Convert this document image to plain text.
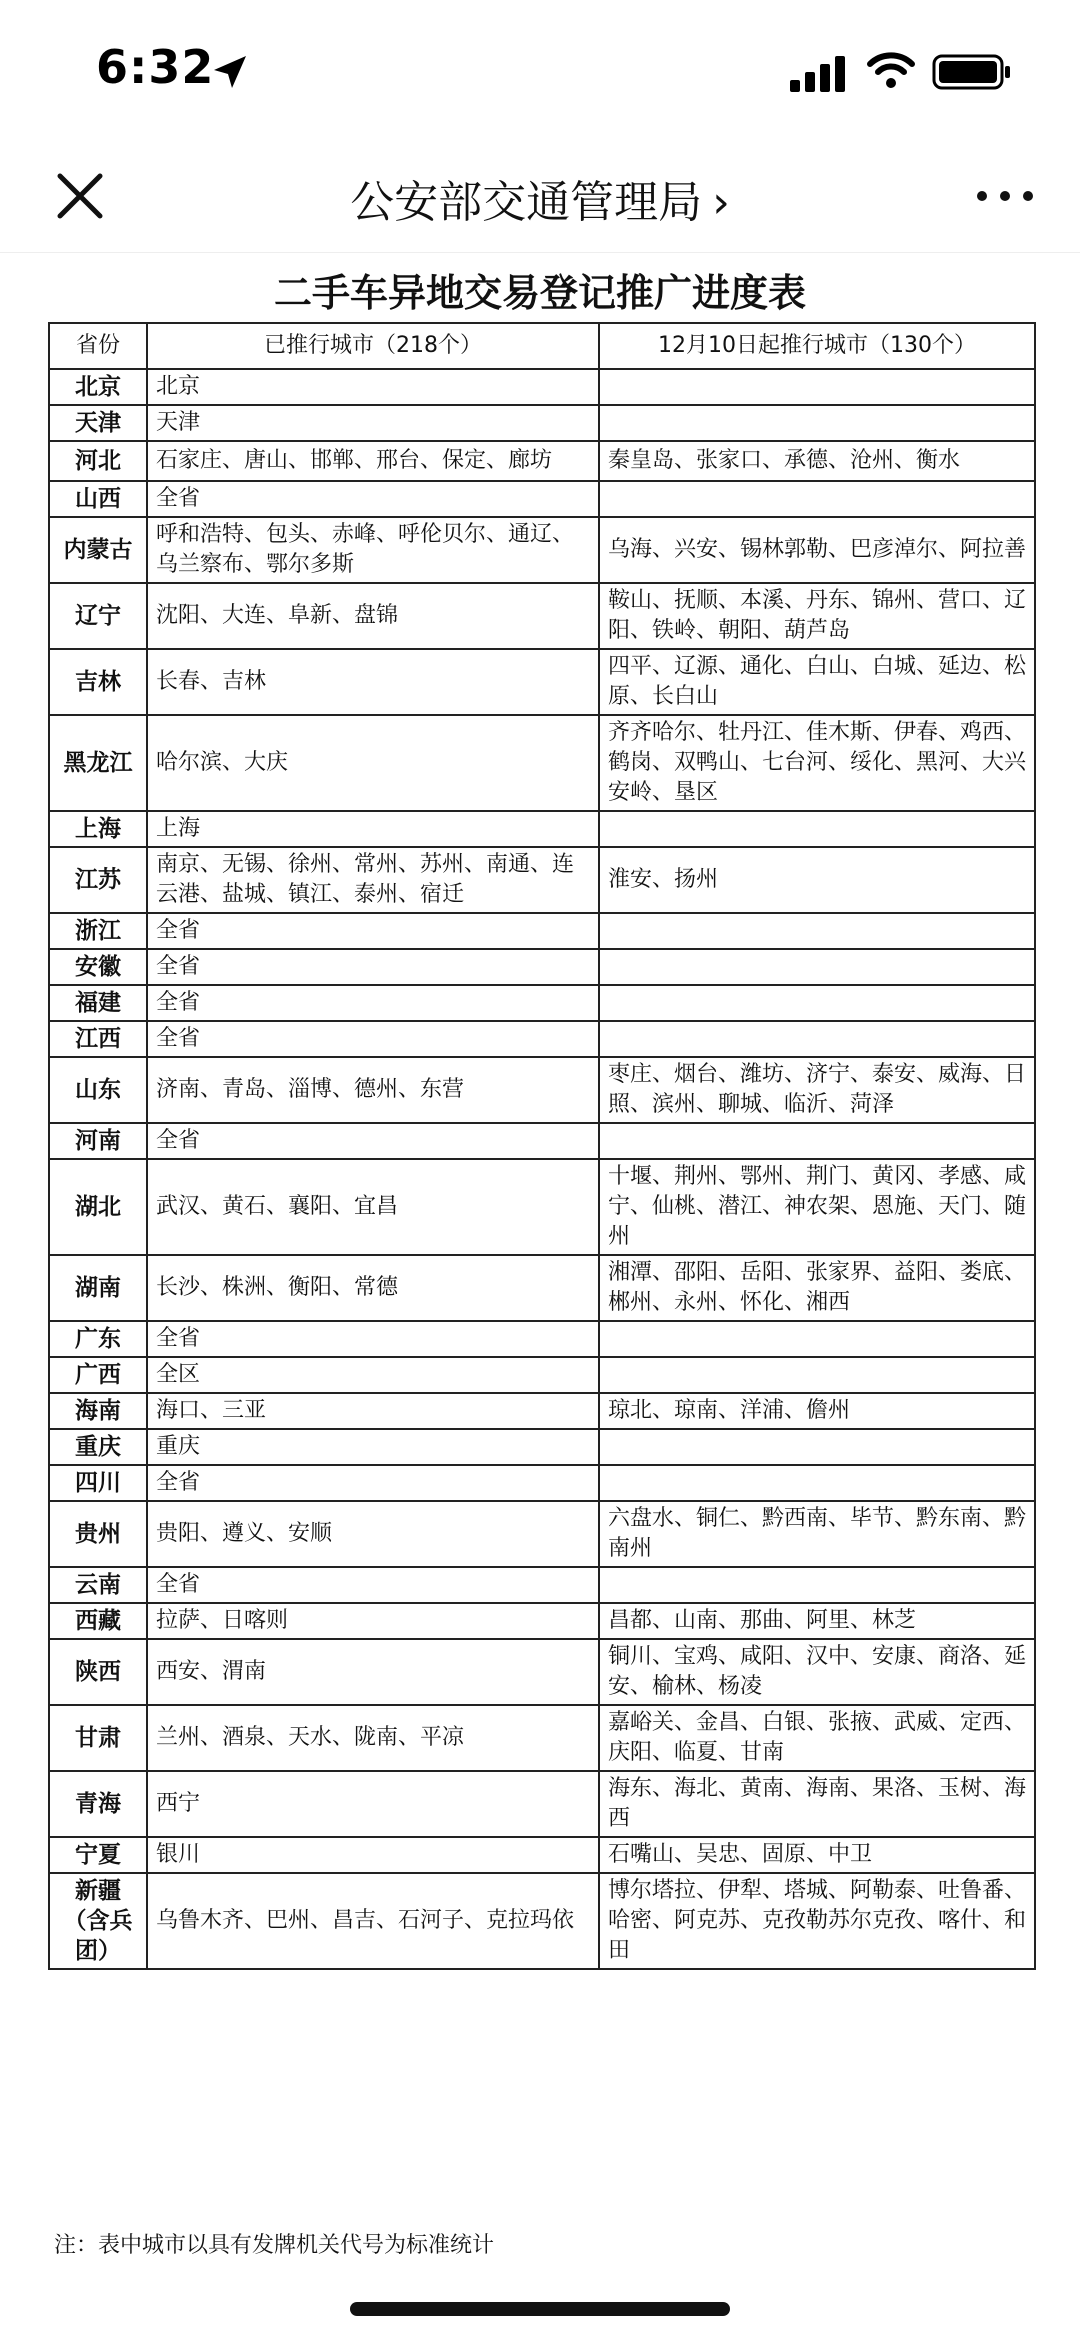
6:32
公安部交通管理局 ›
二手车异地交易登记推广进度表
省份	已推行城市（218个）	12月10日起推行城市（130个）
北京	北京	
天津	天津	
河北	石家庄、唐山、邯郸、邢台、保定、廊坊	秦皇岛、张家口、承德、沧州、衡水
山西	全省	
内蒙古	呼和浩特、包头、赤峰、呼伦贝尔、通辽、乌兰察布、鄂尔多斯	乌海、兴安、锡林郭勒、巴彦淖尔、阿拉善
辽宁	沈阳、大连、阜新、盘锦	鞍山、抚顺、本溪、丹东、锦州、营口、辽阳、铁岭、朝阳、葫芦岛
吉林	长春、吉林	四平、辽源、通化、白山、白城、延边、松原、长白山
黑龙江	哈尔滨、大庆	齐齐哈尔、牡丹江、佳木斯、伊春、鸡西、鹤岗、双鸭山、七台河、绥化、黑河、大兴安岭、垦区
上海	上海	
江苏	南京、无锡、徐州、常州、苏州、南通、连云港、盐城、镇江、泰州、宿迁	淮安、扬州
浙江	全省	
安徽	全省	
福建	全省	
江西	全省	
山东	济南、青岛、淄博、德州、东营	枣庄、烟台、潍坊、济宁、泰安、威海、日照、滨州、聊城、临沂、菏泽
河南	全省	
湖北	武汉、黄石、襄阳、宜昌	十堰、荆州、鄂州、荆门、黄冈、孝感、咸宁、仙桃、潜江、神农架、恩施、天门、随州
湖南	长沙、株洲、衡阳、常德	湘潭、邵阳、岳阳、张家界、益阳、娄底、郴州、永州、怀化、湘西
广东	全省	
广西	全区	
海南	海口、三亚	琼北、琼南、洋浦、儋州
重庆	重庆	
四川	全省	
贵州	贵阳、遵义、安顺	六盘水、铜仁、黔西南、毕节、黔东南、黔南州
云南	全省	
西藏	拉萨、日喀则	昌都、山南、那曲、阿里、林芝
陕西	西安、渭南	铜川、宝鸡、咸阳、汉中、安康、商洛、延安、榆林、杨凌
甘肃	兰州、酒泉、天水、陇南、平凉	嘉峪关、金昌、白银、张掖、武威、定西、庆阳、临夏、甘南
青海	西宁	海东、海北、黄南、海南、果洛、玉树、海西
宁夏	银川	石嘴山、吴忠、固原、中卫
新疆（含兵团）	乌鲁木齐、巴州、昌吉、石河子、克拉玛依	博尔塔拉、伊犁、塔城、阿勒泰、吐鲁番、哈密、阿克苏、克孜勒苏尔克孜、喀什、和田
注：表中城市以具有发牌机关代号为标准统计
